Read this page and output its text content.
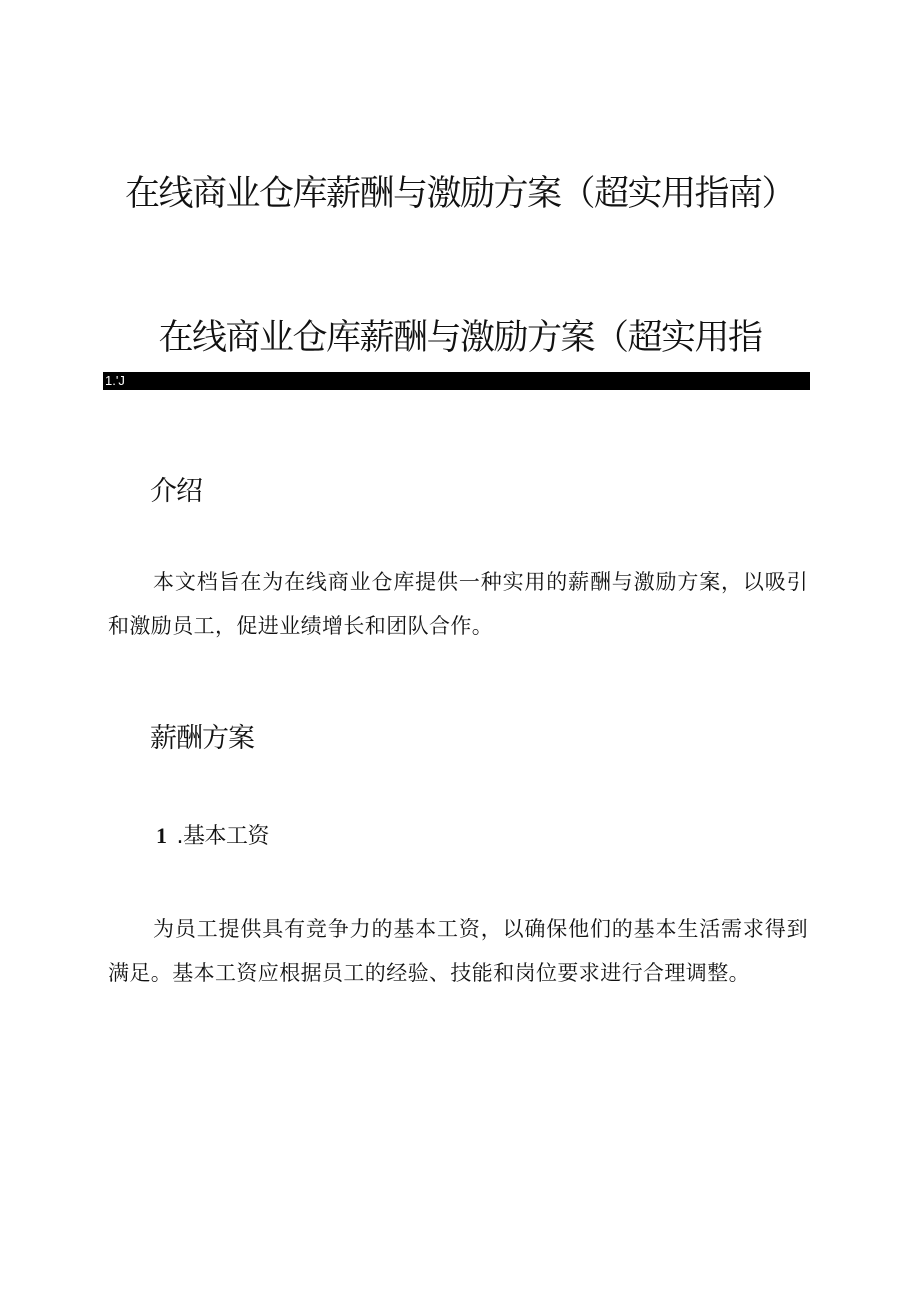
在线商业仓库薪酬与激励方案（超实用指南）
在线商业仓库薪酬与激励方案（超实用指
1.'J
介绍

本文档旨在为在线商业仓库提供一种实用的薪酬与激励方案，以吸引和激励员工，促进业绩增长和团队合作。

薪酬方案
1 .基本工资

为员工提供具有竞争力的基本工资，以确保他们的基本生活需求得到满足。基本工资应根据员工的经验、技能和岗位要求进行合理调整。
